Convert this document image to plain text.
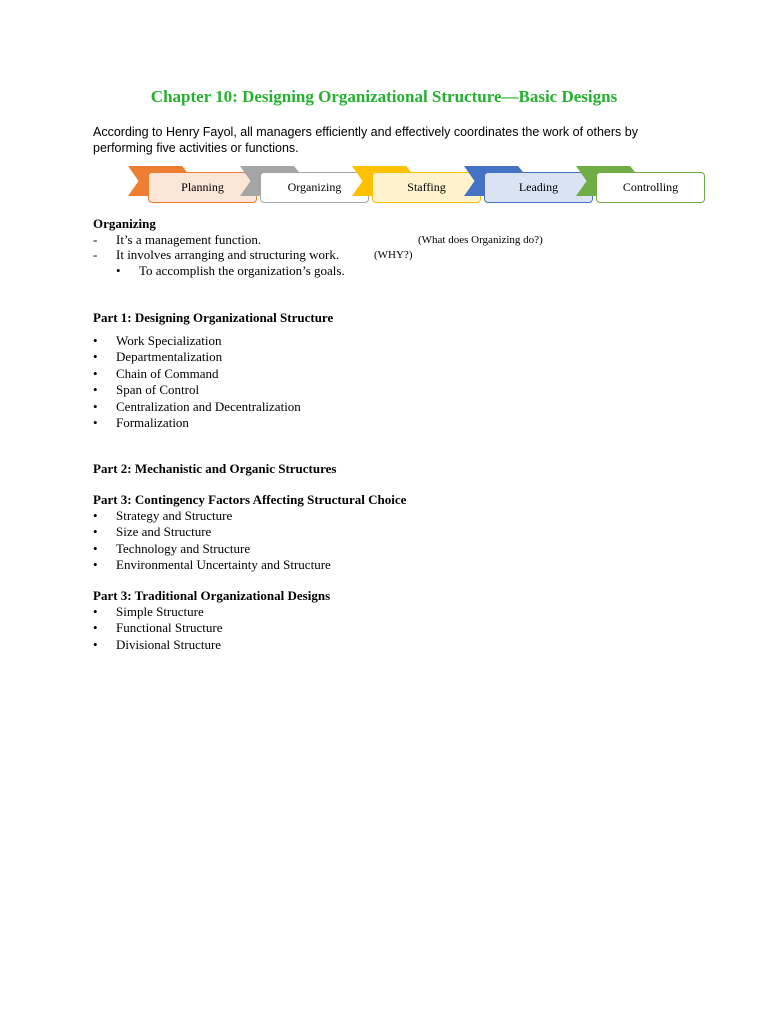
Chapter 10: Designing Organizational Structure—Basic Designs
According to Henry Fayol, all managers efficiently and effectively coordinates the work of others by performing five activities or functions.
Planning	Organizing	Staffing	Leading	Controlling
Organizing
- It’s a management function.	(What does Organizing do?)
- It involves arranging and structuring work.	(WHY?)
• To accomplish the organization’s goals.
Part 1: Designing Organizational Structure
• Work Specialization
• Departmentalization
• Chain of Command
• Span of Control
• Centralization and Decentralization
• Formalization
Part 2: Mechanistic and Organic Structures
Part 3: Contingency Factors Affecting Structural Choice
• Strategy and Structure
• Size and Structure
• Technology and Structure
• Environmental Uncertainty and Structure
Part 3: Traditional Organizational Designs
• Simple Structure
• Functional Structure
• Divisional Structure
